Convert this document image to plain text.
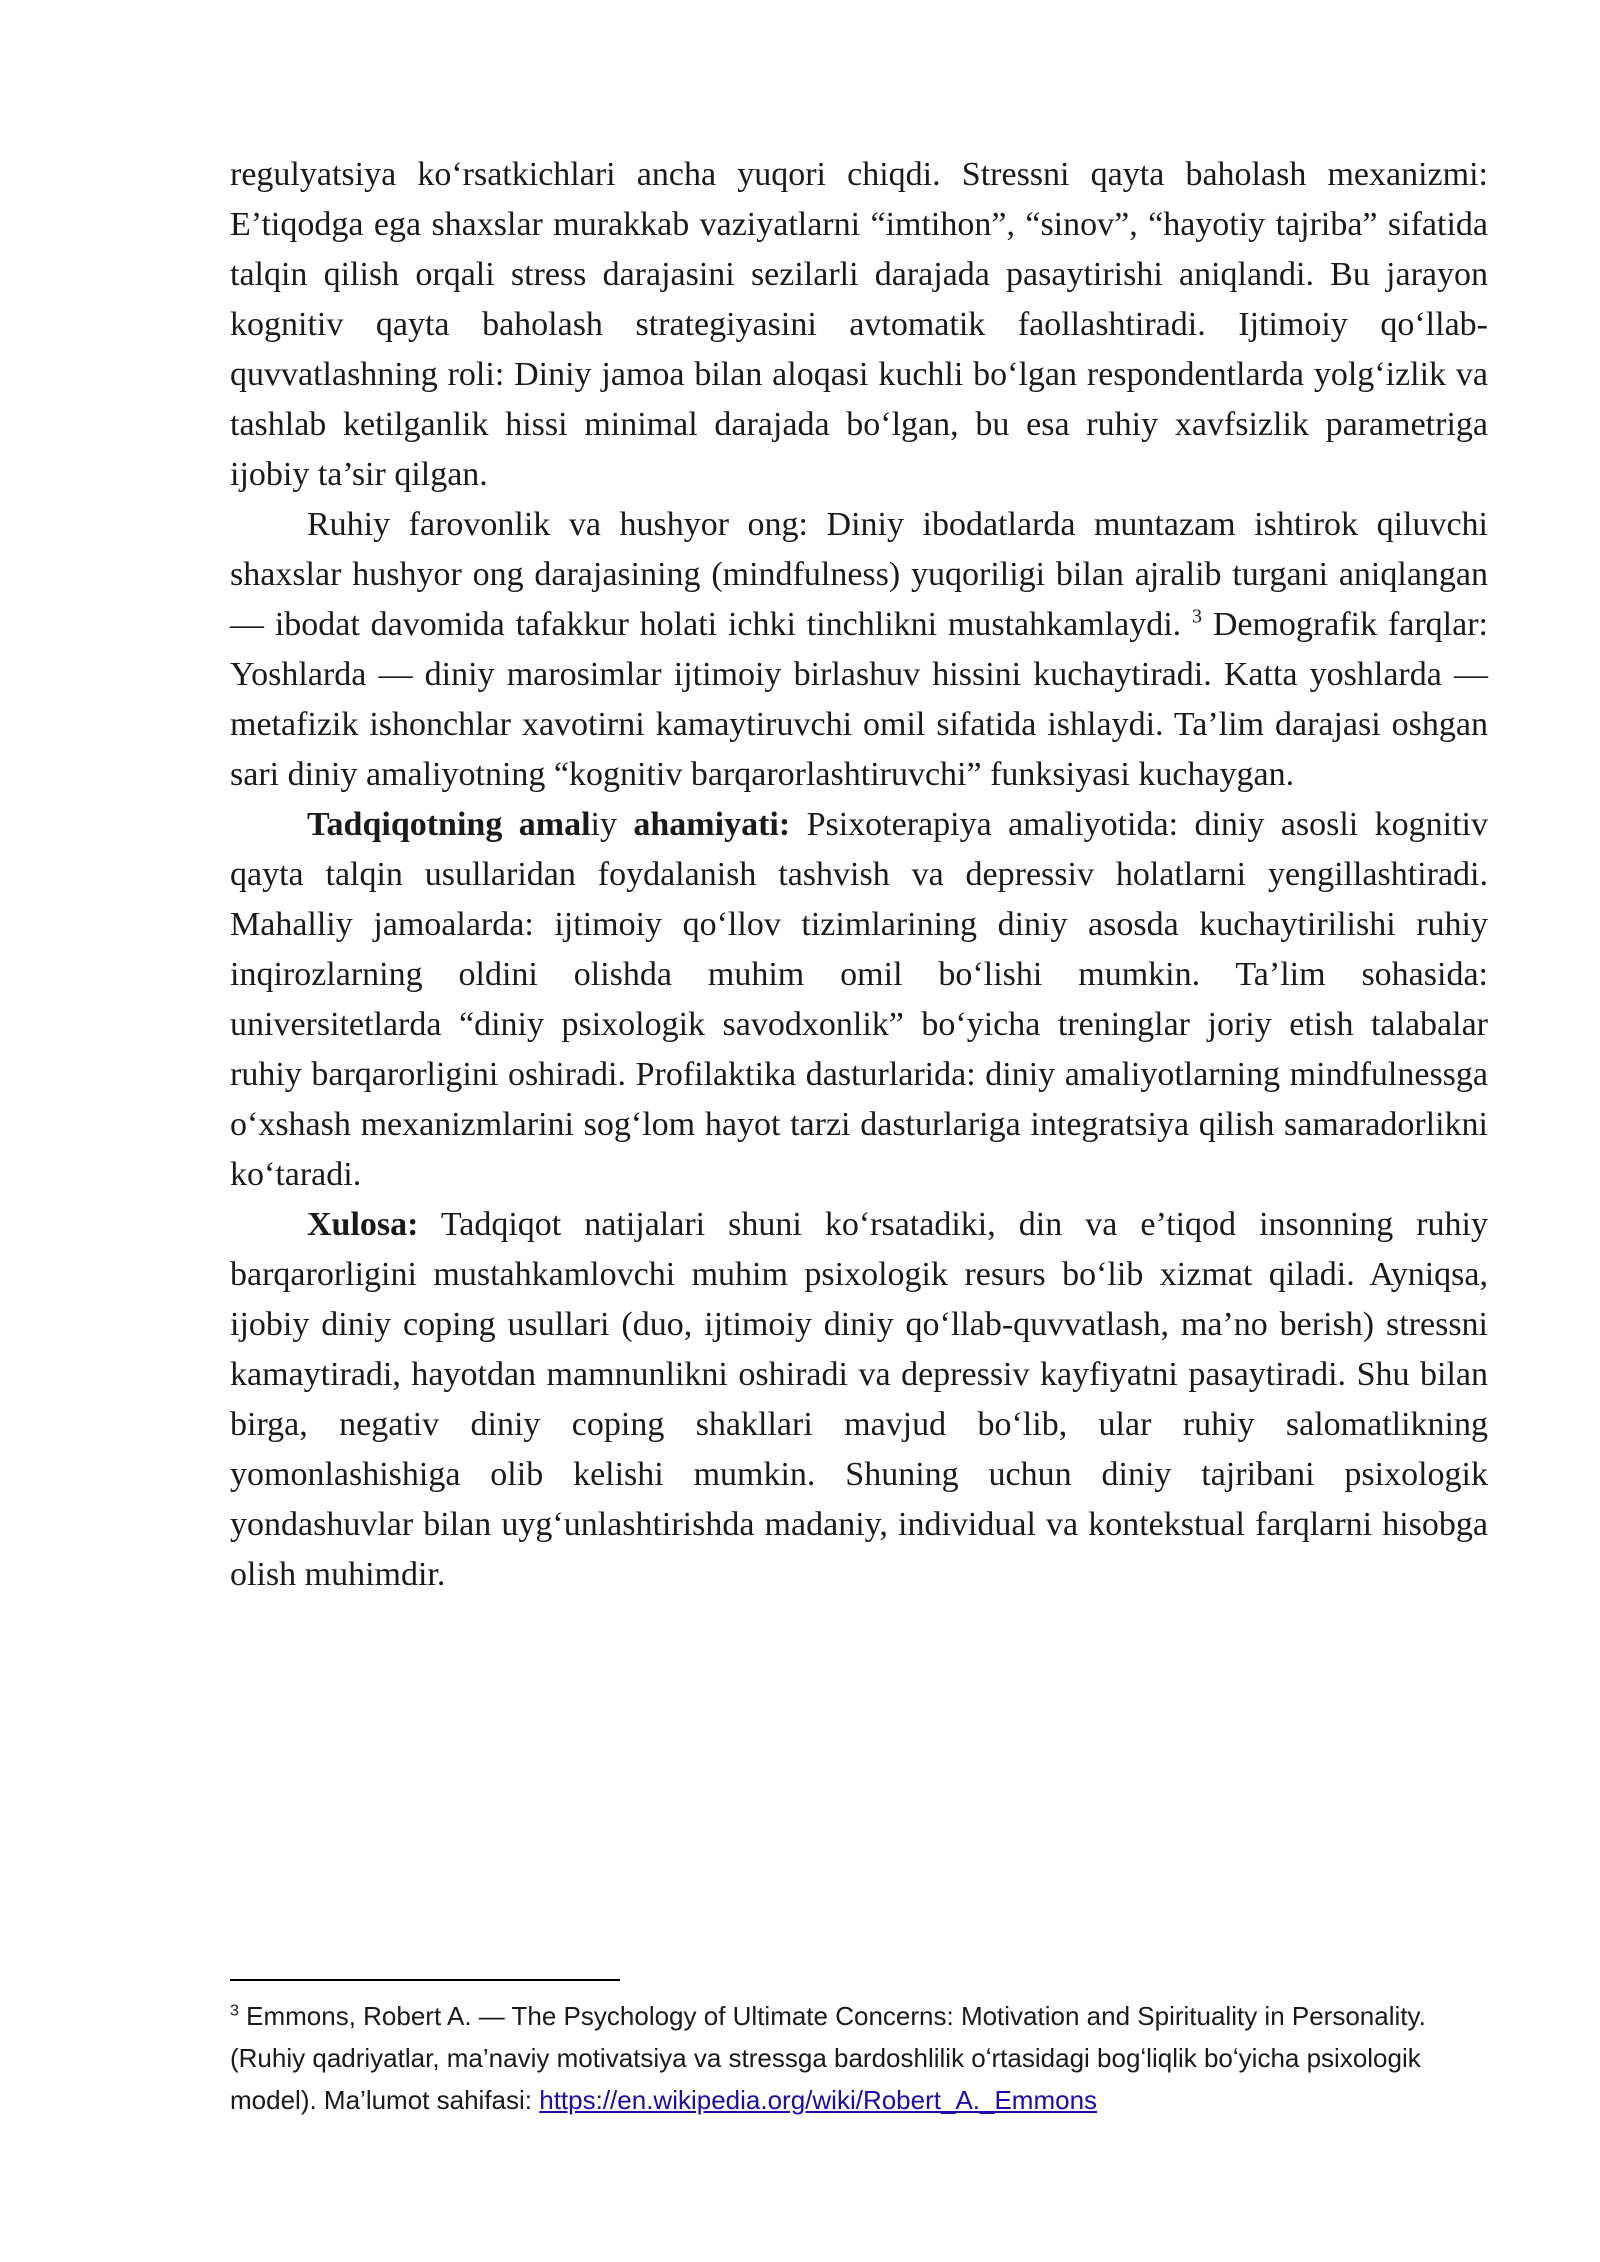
regulyatsiya koʻrsatkichlari ancha yuqori chiqdi. Stressni qayta baholash mexanizmi: E’tiqodga ega shaxslar murakkab vaziyatlarni “imtihon”, “sinov”, “hayotiy tajriba” sifatida talqin qilish orqali stress darajasini sezilarli darajada pasaytirishi aniqlandi. Bu jarayon kognitiv qayta baholash strategiyasini avtomatik faollashtiradi. Ijtimoiy qoʻllab-quvvatlashning roli: Diniy jamoa bilan aloqasi kuchli boʻlgan respondentlarda yolgʻizlik va tashlab ketilganlik hissi minimal darajada boʻlgan, bu esa ruhiy xavfsizlik parametriga ijobiy ta’sir qilgan.

Ruhiy farovonlik va hushyor ong: Diniy ibodatlarda muntazam ishtirok qiluvchi shaxslar hushyor ong darajasining (mindfulness) yuqoriligi bilan ajralib turgani aniqlangan — ibodat davomida tafakkur holati ichki tinchlikni mustahkamlaydi. $^3$ Demografik farqlar: Yoshlarda — diniy marosimlar ijtimoiy birlashuv hissini kuchaytiradi. Katta yoshlarda — metafizik ishonchlar xavotirni kamaytiruvchi omil sifatida ishlaydi. Ta’lim darajasi oshgan sari diniy amaliyotning “kognitiv barqarorlashtiruvchi” funksiyasi kuchaygan.

Tadqiqotning amaliy ahamiyati: Psixoterapiya amaliyotida: diniy asosli kognitiv qayta talqin usullaridan foydalanish tashvish va depressiv holatlarni yengillashtiradi. Mahalliy jamoalarda: ijtimoiy qoʻllov tizimlarining diniy asosda kuchaytirilishi ruhiy inqirozlarning oldini olishda muhim omil boʻlishi mumkin. Ta’lim sohasida: universitetlarda “diniy psixologik savodxonlik” boʻyicha treninglar joriy etish talabalar ruhiy barqarorligini oshiradi. Profilaktika dasturlarida: diniy amaliyotlarning mindfulnessga oʻxshash mexanizmlarini sogʻlom hayot tarzi dasturlariga integratsiya qilish samaradorlikni koʻtaradi.

Xulosa: Tadqiqot natijalari shuni koʻrsatadiki, din va e’tiqod insonning ruhiy barqarorligini mustahkamlovchi muhim psixologik resurs boʻlib xizmat qiladi. Ayniqsa, ijobiy diniy coping usullari (duo, ijtimoiy diniy qoʻllab-quvvatlash, ma’no berish) stressni kamaytiradi, hayotdan mamnunlikni oshiradi va depressiv kayfiyatni pasaytiradi. Shu bilan birga, negativ diniy coping shakllari mavjud boʻlib, ular ruhiy salomatlikning yomonlashishiga olib kelishi mumkin. Shuning uchun diniy tajribani psixologik yondashuvlar bilan uygʻunlashtirishda madaniy, individual va kontekstual farqlarni hisobga olish muhimdir.

$^3$ Emmons, Robert A. — The Psychology of Ultimate Concerns: Motivation and Spirituality in Personality. (Ruhiy qadriyatlar, ma’naviy motivatsiya va stressga bardoshlilik oʻrtasidagi bogʻliqlik boʻyicha psixologik model). Ma’lumot sahifasi: https://en.wikipedia.org/wiki/Robert_A._Emmons
